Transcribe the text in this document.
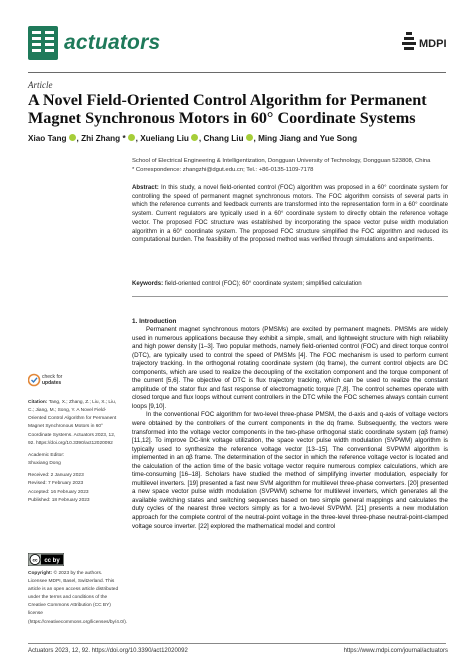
actuators	MDPI
Article
A Novel Field-Oriented Control Algorithm for Permanent Magnet Synchronous Motors in 60° Coordinate Systems
Xiao Tang , Zhi Zhang * , Xueliang Liu , Chang Liu , Ming Jiang and Yue Song
School of Electrical Engineering & Intelligentization, Dongguan University of Technology, Dongguan 523808, China
* Correspondence: zhangzhi@dgut.edu.cn; Tel.: +86-0135-1109-7178
Abstract: In this study, a novel field-oriented control (FOC) algorithm was proposed in a 60° coordinate system for controlling the speed of permanent magnet synchronous motors. The FOC algorithm consists of several parts in which the reference currents and feedback currents are transformed into the representation form in a 60° coordinate system. Current regulators are typically used in a 60° coordinate system to directly obtain the reference voltage vector. The proposed FOC structure was established by incorporating the space vector pulse width modulation algorithm in a 60° coordinate system. The proposed FOC structure simplified the FOC algorithm and reduced its computational burden. The feasibility of the proposed method was verified through simulations and experiments.
Keywords: field-oriented control (FOC); 60° coordinate system; simplified calculation
1. Introduction

Permanent magnet synchronous motors (PMSMs) are excited by permanent magnets. PMSMs are widely used in numerous applications because they exhibit a simple, small, and lightweight structure with high reliability and high power density [1–3]. Two popular methods, namely field-oriented control (FOC) and direct torque control (DTC), are typically used to control the speed of PMSMs [4]. The FOC mechanism is used to perform current trajectory tracking. In the orthogonal rotating coordinate system (dq frame), the current control objects are DC components, which are used to realize the decoupling of the excitation component and the torque component of the current [5,6]. The objective of DTC is flux trajectory tracking, which can be used to realize the constant amplitude of the stator flux and fast response of electromagnetic torque [7,8]. The control schemes operate with closed torque and flux loops without current controllers in the DTC while the FOC schemes always contain current loops [9,10].

In the conventional FOC algorithm for two-level three-phase PMSM, the d-axis and q-axis of voltage vectors were obtained by the controllers of the current components in the dq frame. Subsequently, the vectors were transformed into the voltage vector components in the two-phase orthogonal static coordinate system (αβ frame) [11,12]. To improve DC-link voltage utilization, the space vector pulse width modulation (SVPWM) algorithm is typically used to synthesize the reference voltage vector [13–15]. The conventional SVPWM algorithm is implemented in an αβ frame. The determination of the sector in which the reference voltage vector is located and the calculation of the action time of the basic voltage vector require numerous complex calculations, which are time-consuming [16–18]. Scholars have studied the method of simplifying inverter modulation, especially for multilevel inverters. [19] presented a fast new SVM algorithm for multilevel three-phase converters. [20] presented a new space vector pulse width modulation (SVPWM) scheme for multilevel inverters, which generates all the available switching states and switching sequences based on two simple general mappings and calculates the duty cycles of the nearest three vectors simply as for a two-level SVPWM. [21] presents a new modulation approach for the complete control of the neutral-point voltage in the three-level three-phase neutral-point-clamped voltage source inverter. [22] explored the mathematical model and control

check for
updates
Citation: Tang, X.; Zhang, Z.; Liu, X.; Liu, C.; Jiang, M.; Song, Y. A Novel Field-Oriented Control Algorithm for Permanent Magnet Synchronous Motors in 60° Coordinate Systems. Actuators 2023, 12, 92. https://doi.org/10.3390/act12020092
Academic Editor:
Shuxiang Dong
Received: 2 January 2023
Revised: 7 February 2023
Accepted: 16 February 2023
Published: 18 February 2023
cc cc by
Copyright: © 2023 by the authors. Licensee MDPI, Basel, Switzerland. This article is an open access article distributed under the terms and conditions of the Creative Commons Attribution (CC BY) license (https://creativecommons.org/licenses/by/4.0/).
Actuators 2023, 12, 92. https://doi.org/10.3390/act12020092	https://www.mdpi.com/journal/actuators
